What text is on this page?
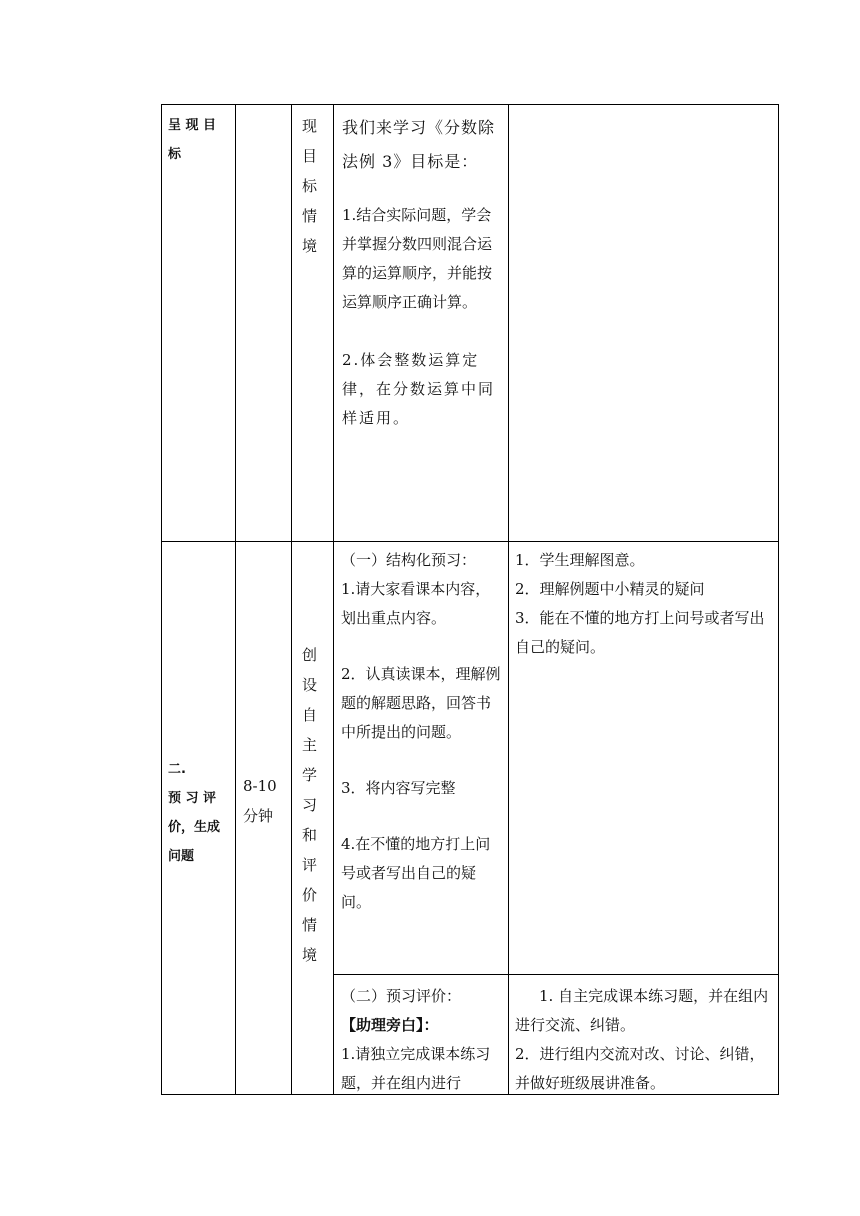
呈 现 目 标
现目标情境

我们来学习《分数除法例 3》目标是：

1.结合实际问题，学会并掌握分数四则混合运算的运算顺序，并能按运算顺序正确计算。

2.体会整数运算定律，在分数运算中同样适用。

二.
预 习 评 价，生成问题
8-10分钟
创设自主学习和评价情境

（一）结构化预习：

1.请大家看课本内容，划出重点内容。

2．认真读课本，理解例题的解题思路，回答书中所提出的问题。

3．将内容写完整

4.在不懂的地方打上问号或者写出自己的疑问。

1．学生理解图意。

2．理解例题中小精灵的疑问

3．能在不懂的地方打上问号或者写出自己的疑问。

（二）预习评价：

【助理旁白】：

1.请独立完成课本练习题，并在组内进行

1. 自主完成课本练习题，并在组内进行交流、纠错。

2．进行组内交流对改、讨论、纠错，并做好班级展讲准备。
